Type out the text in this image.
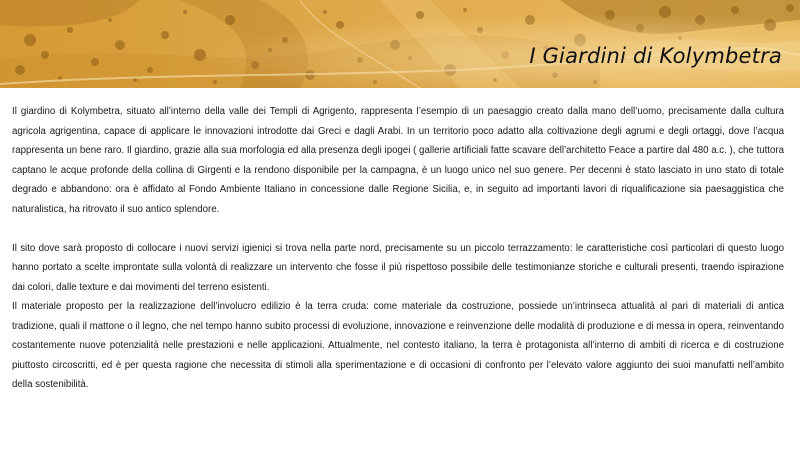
I Giardini di Kolymbetra

Il giardino di Kolymbetra, situato all’interno della valle dei Templi di Agrigento, rappresenta l’esempio di un paesaggio creato dalla mano dell’uomo, precisamente dalla cultura agricola agrigentina, capace di applicare le innovazioni introdotte dai Greci e dagli Arabi. In un territorio poco adatto alla coltivazione degli agrumi e degli ortaggi, dove l’acqua rappresenta un bene raro. Il giardino, grazie alla sua morfologia ed alla presenza degli ipogei ( gallerie artificiali fatte scavare dell’architetto Feace a partire dal 480 a.c. ), che tuttora captano le acque profonde della collina di Girgenti e la rendono disponibile per la campagna, è un luogo unico nel suo genere. Per decenni è stato lasciato in uno stato di totale degrado e abbandono: ora è affidato al Fondo Ambiente Italiano in concessione dalle Regione Sicilia, e, in seguito ad importanti lavori di riqualificazione sia paesaggistica che naturalistica, ha ritrovato il suo antico splendore.

Il sito dove sarà proposto di collocare i nuovi servizi igienici si trova nella parte nord, precisamente su un piccolo terrazzamento: le caratteristiche così particolari di questo luogo hanno portato a scelte improntate sulla volontà di realizzare un intervento che fosse il più rispettoso possibile delle testimonianze storiche e culturali presenti, traendo ispirazione dai colori, dalle texture e dai movimenti del terreno esistenti.

Il materiale proposto per la realizzazione dell’involucro edilizio è la terra cruda: come materiale da costruzione, possiede un’intrinseca attualità al pari di materiali di antica tradizione, quali il mattone o il legno, che nel tempo hanno subito processi di evoluzione, innovazione e reinvenzione delle modalità di produzione e di messa in opera, reinventando costantemente nuove potenzialità nelle prestazioni e nelle applicazioni. Attualmente, nel contesto italiano, la terra è protagonista all’interno di ambiti di ricerca e di costruzione piuttosto circoscritti, ed è per questa ragione che necessita di stimoli alla sperimentazione e di occasioni di confronto per l’elevato valore aggiunto dei suoi manufatti nell’ambito della sostenibilità.
